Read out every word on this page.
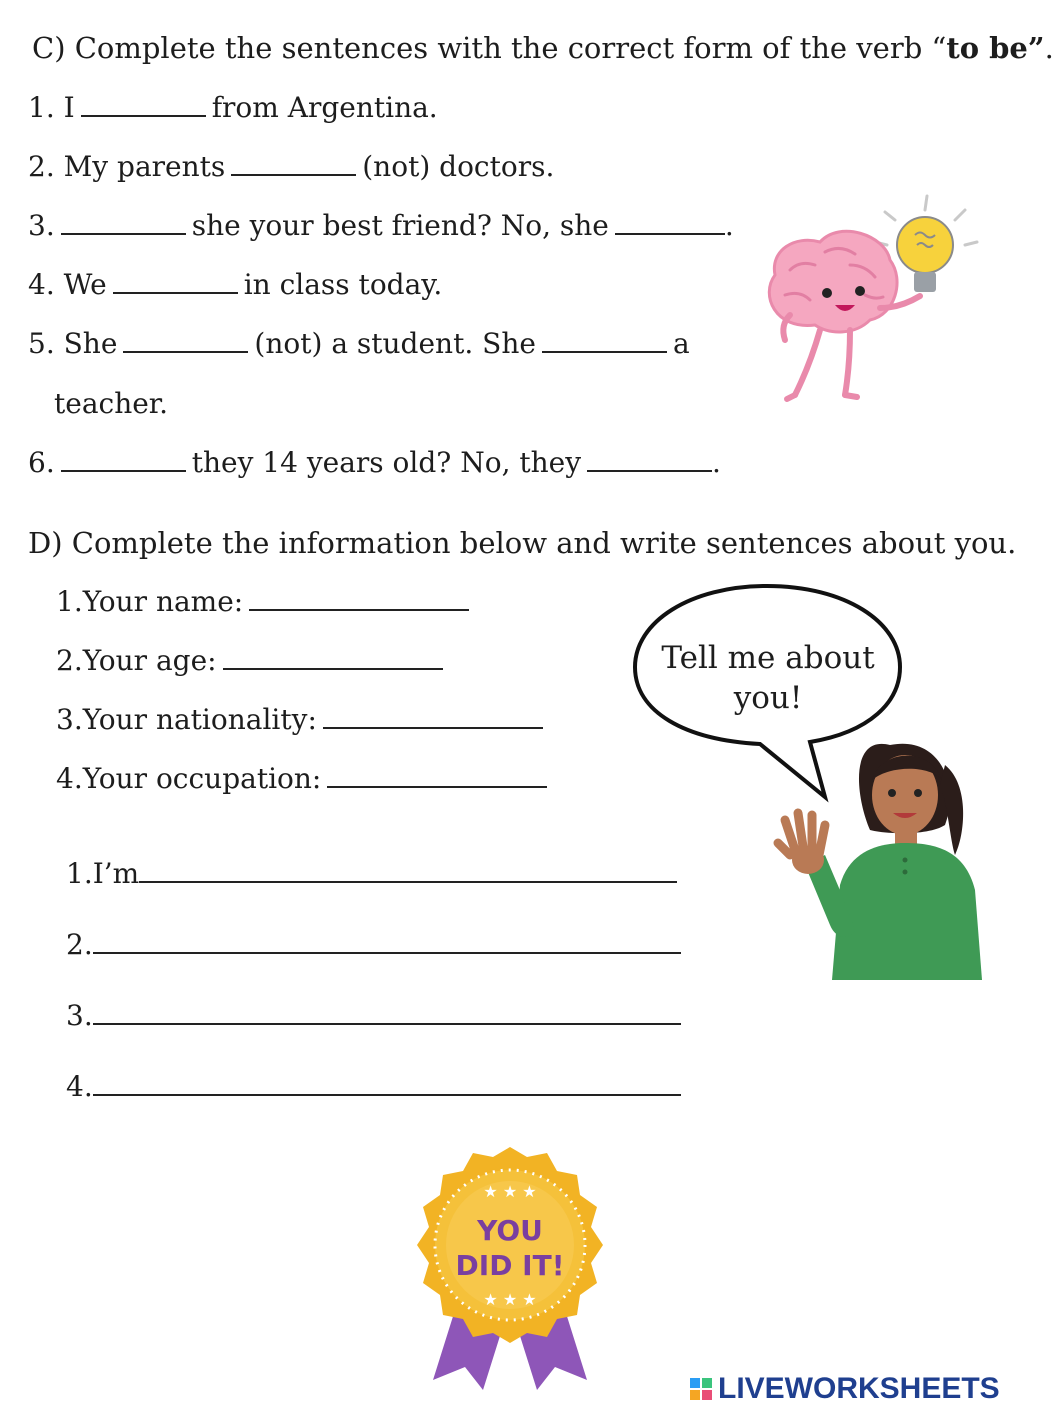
C) Complete the sentences with the correct form of the verb “to be”.
1. I	from Argentina.
2. My parents	(not) doctors.
3.	she your best friend? No, she	.
4. We	in class today.
5. She	(not) a student. She	a
teacher.
6.	they 14 years old? No, they	.
D) Complete the information below and write sentences about you.
1.Your name:
2.Your age:
3.Your nationality:
4.Your occupation:
1.I’m
2.
3.
4.
Tell me about
you!
★ ★ ★
★ ★ ★
YOU
DID IT!
LIVEWORKSHEETS
